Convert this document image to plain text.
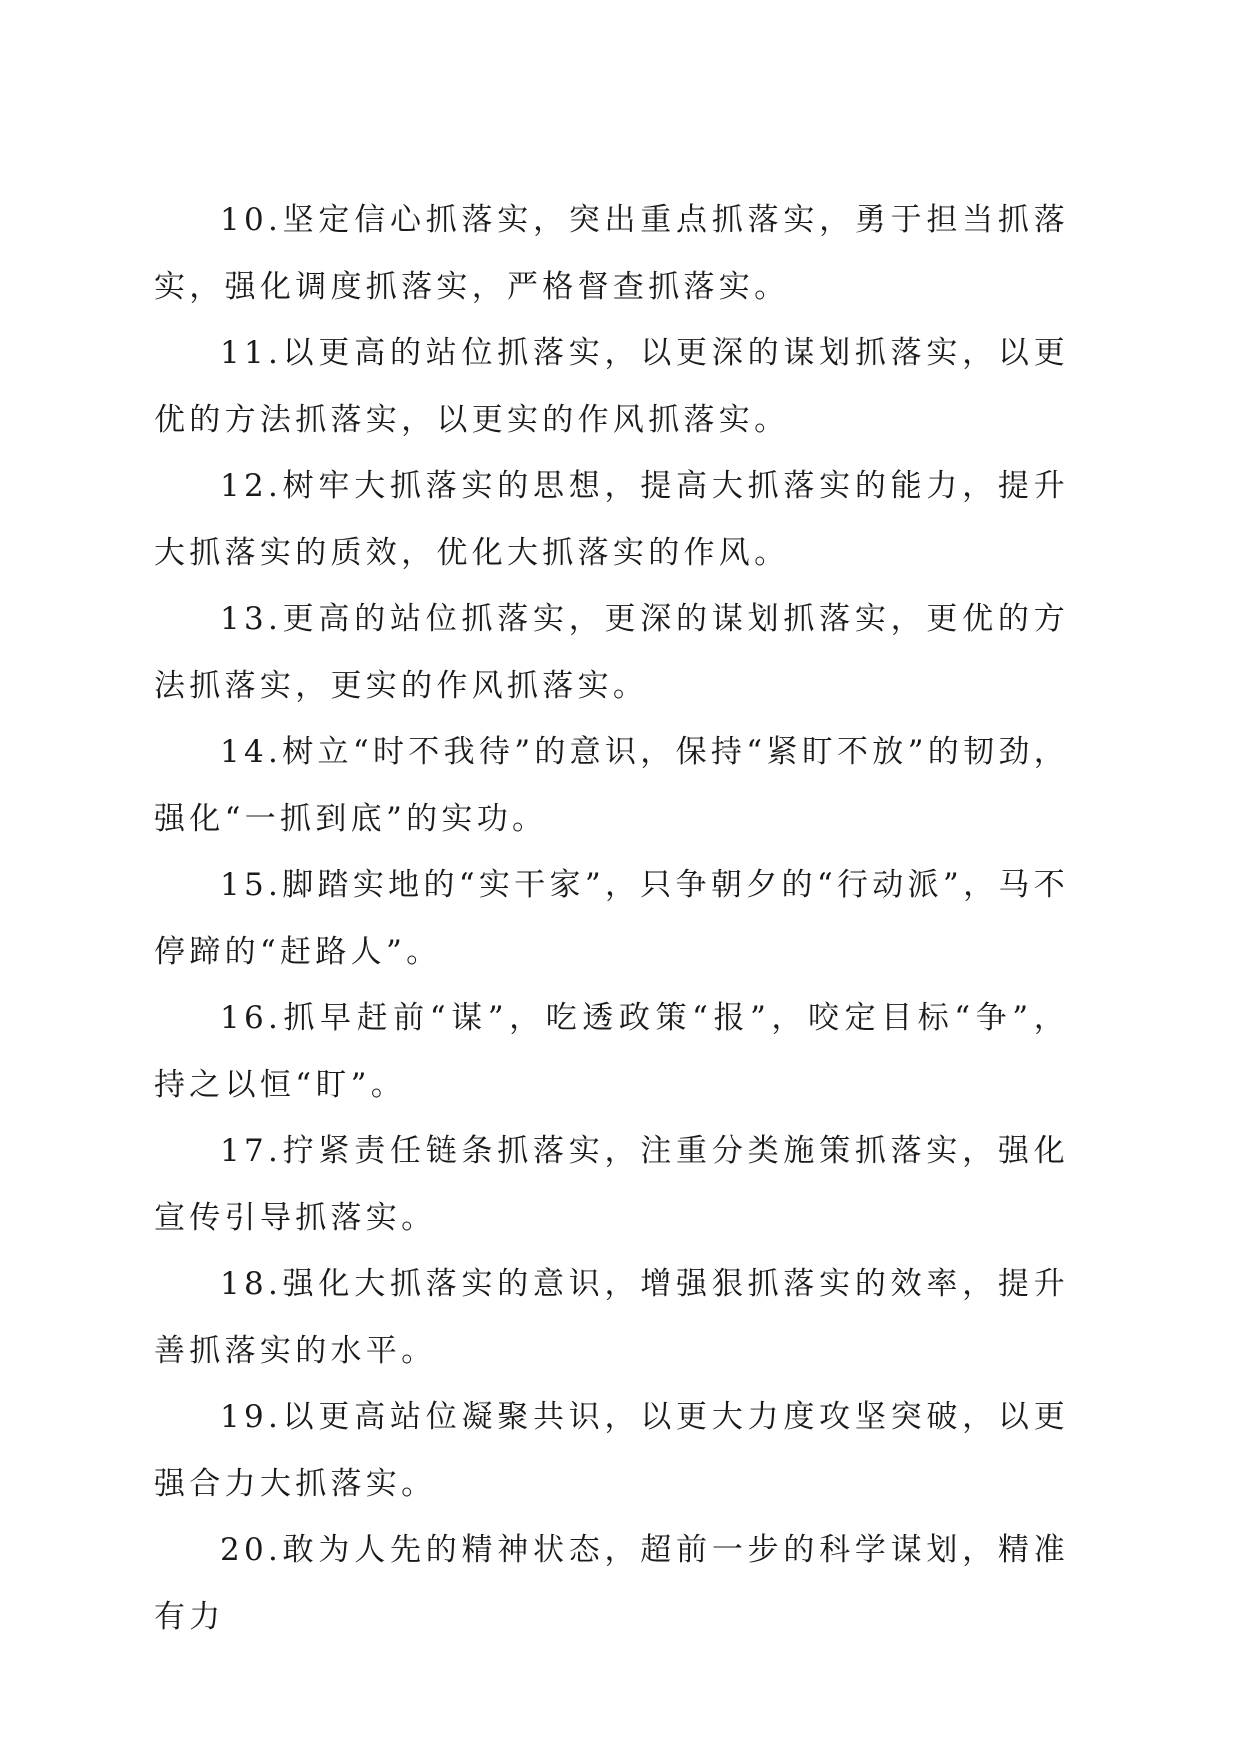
10.坚定信心抓落实，突出重点抓落实，勇于担当抓落实，强化调度抓落实，严格督查抓落实。

11.以更高的站位抓落实，以更深的谋划抓落实，以更优的方法抓落实，以更实的作风抓落实。

12.树牢大抓落实的思想，提高大抓落实的能力，提升大抓落实的质效，优化大抓落实的作风。

13.更高的站位抓落实，更深的谋划抓落实，更优的方法抓落实，更实的作风抓落实。

14.树立“时不我待”的意识，保持“紧盯不放”的韧劲，强化“一抓到底”的实功。

15.脚踏实地的“实干家”，只争朝夕的“行动派”，马不停蹄的“赶路人”。

16.抓早赶前“谋”，吃透政策“报”，咬定目标“争”，持之以恒“盯”。

17.拧紧责任链条抓落实，注重分类施策抓落实，强化宣传引导抓落实。

18.强化大抓落实的意识，增强狠抓落实的效率，提升善抓落实的水平。

19.以更高站位凝聚共识，以更大力度攻坚突破，以更强合力大抓落实。

20.敢为人先的精神状态，超前一步的科学谋划，精准有力
